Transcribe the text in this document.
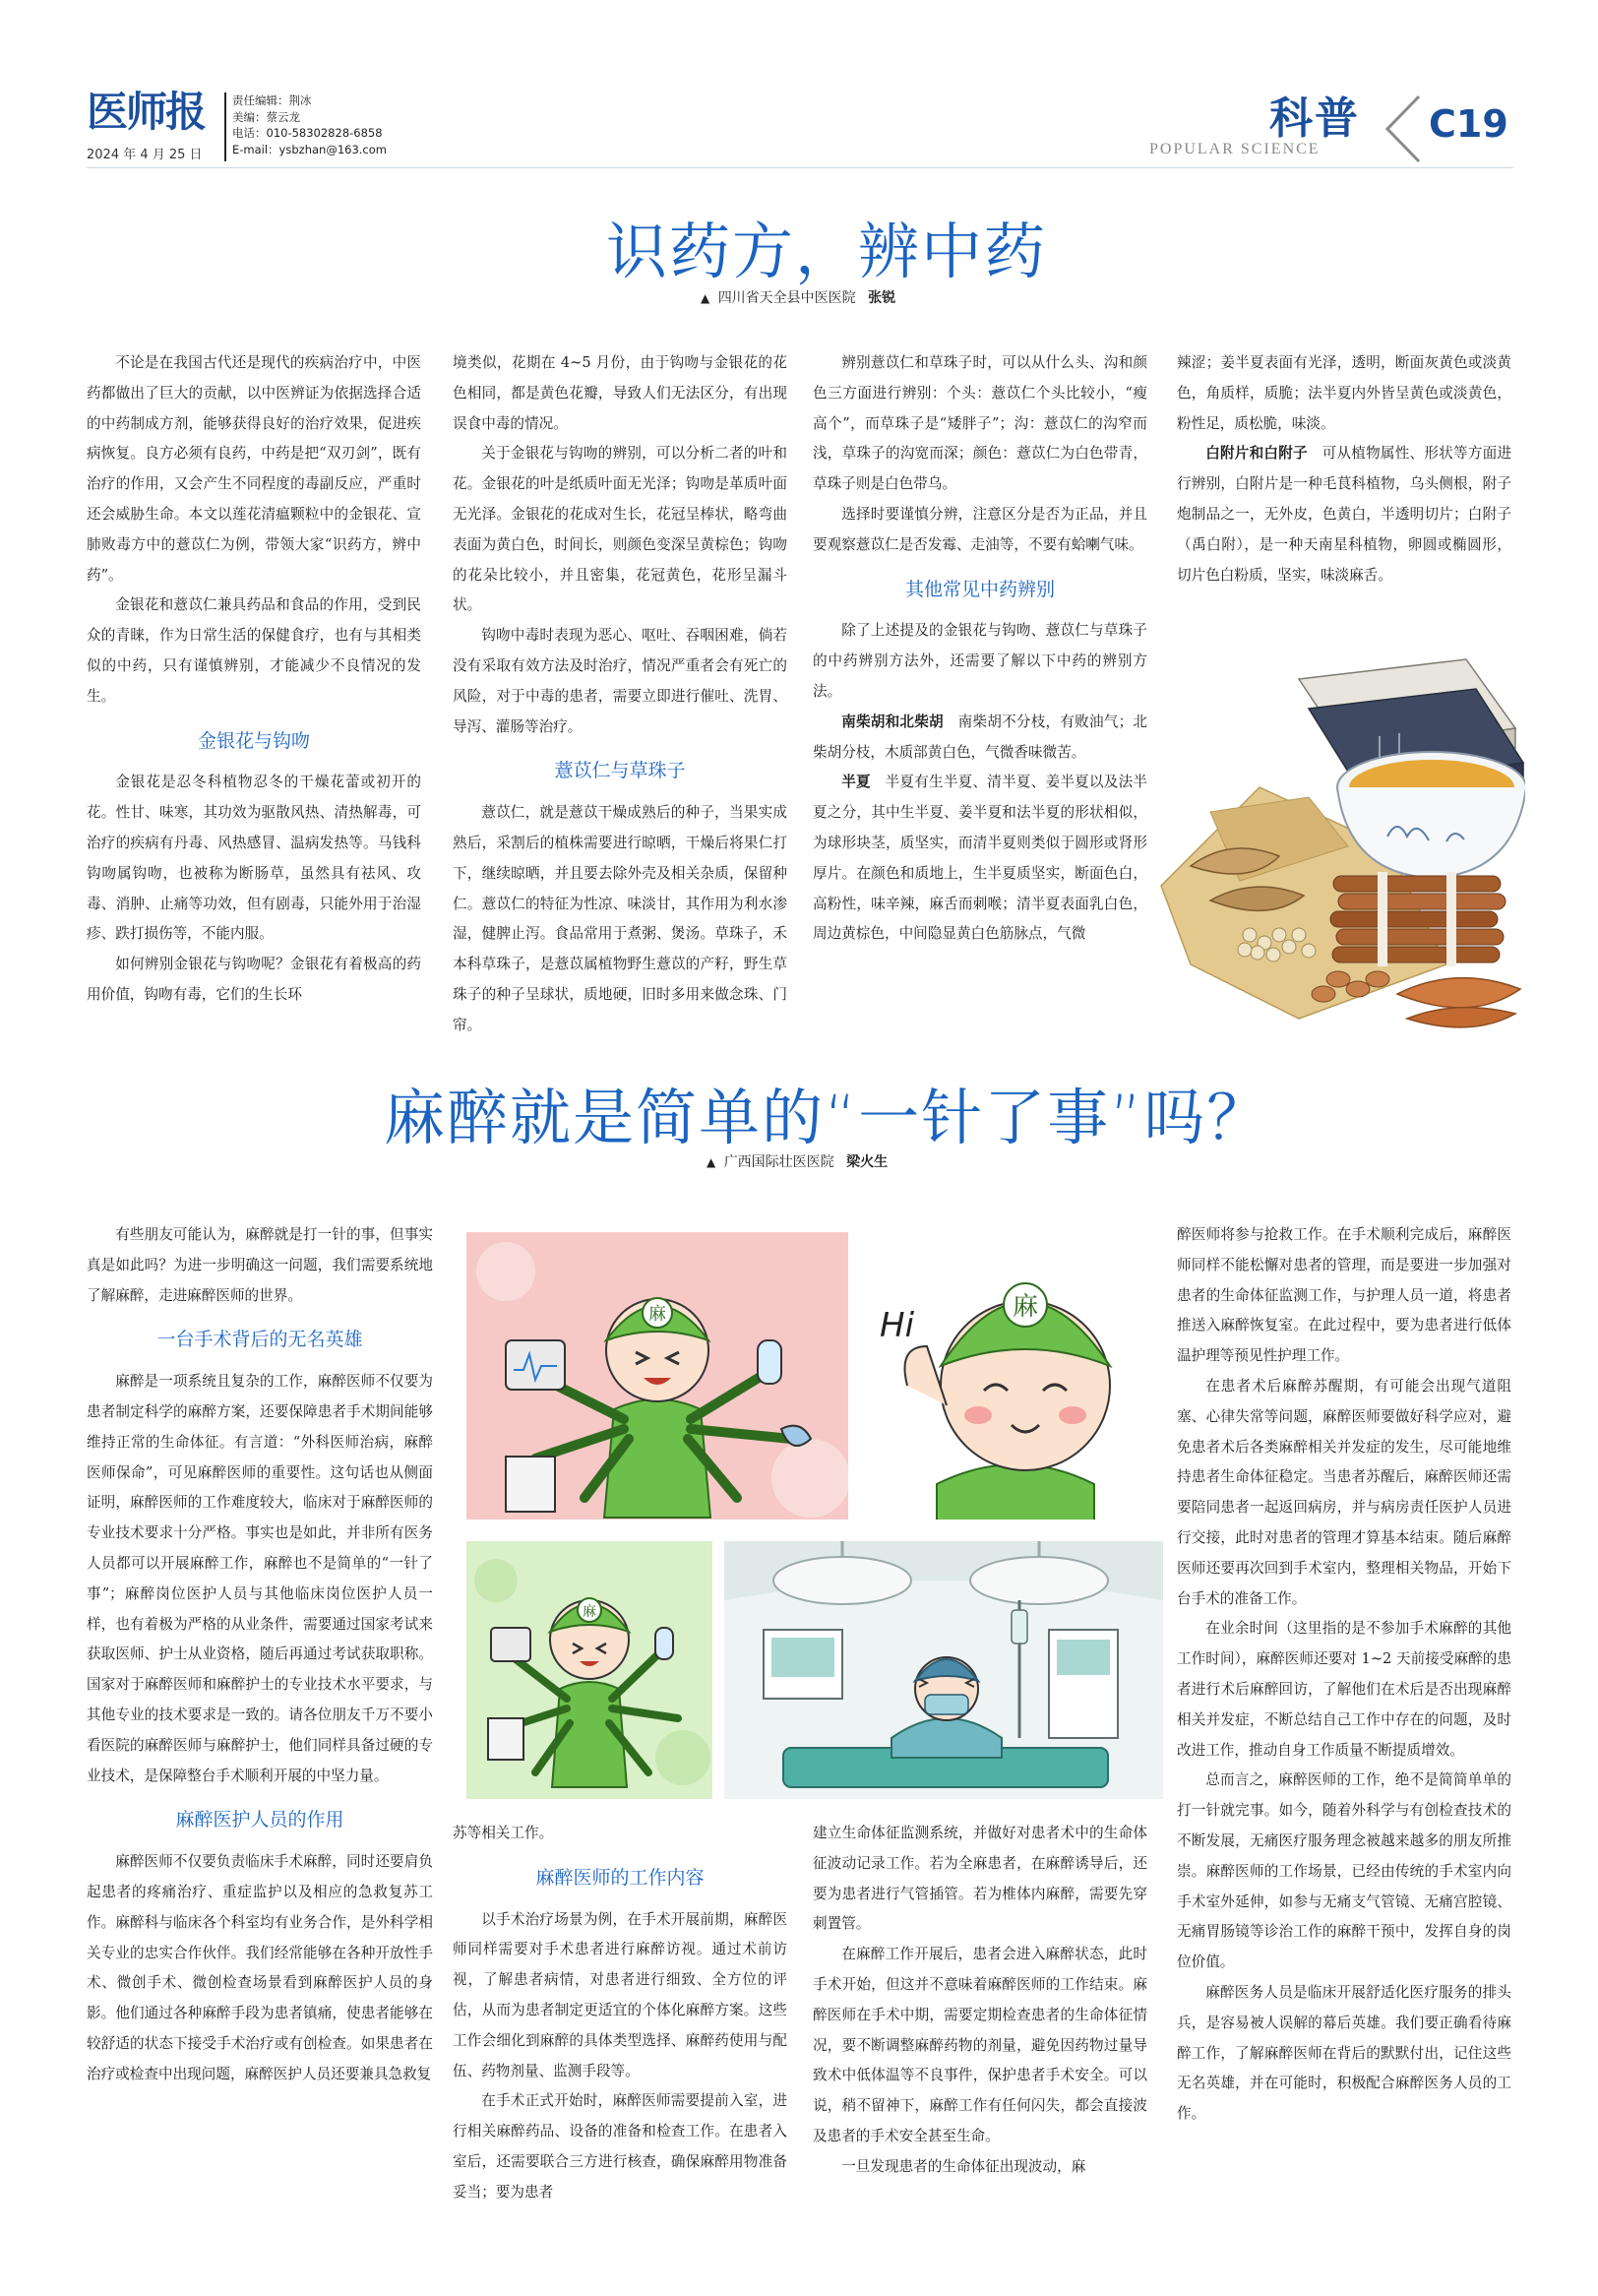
医师报
2024 年 4 月 25 日
责任编辑：荆冰
美编：蔡云龙
电话：010-58302828-6858
E-mail：ysbzhan@163.com
科普
POPULAR SCIENCE
C19
识药方，辨中药
▲ 四川省天全县中医医院 张锐

不论是在我国古代还是现代的疾病治疗中，中医药都做出了巨大的贡献，以中医辨证为依据选择合适的中药制成方剂，能够获得良好的治疗效果，促进疾病恢复。良方必须有良药，中药是把“双刃剑”，既有治疗的作用，又会产生不同程度的毒副反应，严重时还会威胁生命。本文以莲花清瘟颗粒中的金银花、宣肺败毒方中的薏苡仁为例，带领大家“识药方，辨中药”。

金银花和薏苡仁兼具药品和食品的作用，受到民众的青睐，作为日常生活的保健食疗，也有与其相类似的中药，只有谨慎辨别，才能减少不良情况的发生。

金银花与钩吻

金银花是忍冬科植物忍冬的干燥花蕾或初开的花。性甘、味寒，其功效为驱散风热、清热解毒，可治疗的疾病有丹毒、风热感冒、温病发热等。马钱科钩吻属钩吻，也被称为断肠草，虽然具有祛风、攻毒、消肿、止痛等功效，但有剧毒，只能外用于治湿疹、跌打损伤等，不能内服。

如何辨别金银花与钩吻呢？金银花有着极高的药用价值，钩吻有毒，它们的生长环

境类似，花期在 4~5 月份，由于钩吻与金银花的花色相同，都是黄色花瓣，导致人们无法区分，有出现误食中毒的情况。

关于金银花与钩吻的辨别，可以分析二者的叶和花。金银花的叶是纸质叶面无光泽；钩吻是革质叶面无光泽。金银花的花成对生长，花冠呈棒状，略弯曲表面为黄白色，时间长，则颜色变深呈黄棕色；钩吻的花朵比较小，并且密集，花冠黄色，花形呈漏斗状。

钩吻中毒时表现为恶心、呕吐、吞咽困难，倘若没有采取有效方法及时治疗，情况严重者会有死亡的风险，对于中毒的患者，需要立即进行催吐、洗胃、导泻、灌肠等治疗。

薏苡仁与草珠子

薏苡仁，就是薏苡干燥成熟后的种子，当果实成熟后，采割后的植株需要进行晾晒，干燥后将果仁打下，继续晾晒，并且要去除外壳及相关杂质，保留种仁。薏苡仁的特征为性凉、味淡甘，其作用为利水渗湿，健脾止泻。食品常用于煮粥、煲汤。草珠子，禾本科草珠子，是薏苡属植物野生薏苡的产籽，野生草珠子的种子呈球状，质地硬，旧时多用来做念珠、门帘。

辨别薏苡仁和草珠子时，可以从什么头、沟和颜色三方面进行辨别：个头：薏苡仁个头比较小，“瘦高个”，而草珠子是“矮胖子”；沟：薏苡仁的沟窄而浅，草珠子的沟宽而深；颜色：薏苡仁为白色带青，草珠子则是白色带乌。

选择时要谨慎分辨，注意区分是否为正品，并且要观察薏苡仁是否发霉、走油等，不要有蛤喇气味。

其他常见中药辨别

除了上述提及的金银花与钩吻、薏苡仁与草珠子的中药辨别方法外，还需要了解以下中药的辨别方法。

南柴胡和北柴胡　 南柴胡不分枝，有败油气；北柴胡分枝，木质部黄白色，气微香味微苦。

半夏　 半夏有生半夏、清半夏、姜半夏以及法半夏之分，其中生半夏、姜半夏和法半夏的形状相似，为球形块茎，质坚实，而清半夏则类似于圆形或肾形厚片。在颜色和质地上，生半夏质坚实，断面色白，高粉性，味辛辣，麻舌而刺喉；清半夏表面乳白色，周边黄棕色，中间隐显黄白色筋脉点，气微

辣涩；姜半夏表面有光泽，透明，断面灰黄色或淡黄色，角质样，质脆；法半夏内外皆呈黄色或淡黄色，粉性足，质松脆，味淡。

白附片和白附子　 可从植物属性、形状等方面进行辨别，白附片是一种毛茛科植物，乌头侧根，附子炮制品之一，无外皮，色黄白，半透明切片；白附子（禹白附），是一种天南星科植物，卵圆或椭圆形，切片色白粉质，坚实，味淡麻舌。

麻醉就是简单的“一针了事”吗？
▲ 广西国际壮医医院 梁火生

有些朋友可能认为，麻醉就是打一针的事，但事实真是如此吗？为进一步明确这一问题，我们需要系统地了解麻醉，走进麻醉医师的世界。

一台手术背后的无名英雄

麻醉是一项系统且复杂的工作，麻醉医师不仅要为患者制定科学的麻醉方案，还要保障患者手术期间能够维持正常的生命体征。有言道：“外科医师治病，麻醉医师保命”，可见麻醉医师的重要性。这句话也从侧面证明，麻醉医师的工作难度较大，临床对于麻醉医师的专业技术要求十分严格。事实也是如此，并非所有医务人员都可以开展麻醉工作，麻醉也不是简单的“一针了事”；麻醉岗位医护人员与其他临床岗位医护人员一样，也有着极为严格的从业条件，需要通过国家考试来获取医师、护士从业资格，随后再通过考试获取职称。国家对于麻醉医师和麻醉护士的专业技术水平要求，与其他专业的技术要求是一致的。请各位朋友千万不要小看医院的麻醉医师与麻醉护士，他们同样具备过硬的专业技术，是保障整台手术顺利开展的中坚力量。

麻醉医护人员的作用

麻醉医师不仅要负责临床手术麻醉，同时还要肩负起患者的疼痛治疗、重症监护以及相应的急救复苏工作。麻醉科与临床各个科室均有业务合作，是外科学相关专业的忠实合作伙伴。我们经常能够在各种开放性手术、微创手术、微创检查场景看到麻醉医护人员的身影。他们通过各种麻醉手段为患者镇痛，使患者能够在较舒适的状态下接受手术治疗或有创检查。如果患者在治疗或检查中出现问题，麻醉医护人员还要兼具急救复

苏等相关工作。

麻醉医师的工作内容

以手术治疗场景为例，在手术开展前期，麻醉医师同样需要对手术患者进行麻醉访视。通过术前访视，了解患者病情，对患者进行细致、全方位的评估，从而为患者制定更适宜的个体化麻醉方案。这些工作会细化到麻醉的具体类型选择、麻醉药使用与配伍、药物剂量、监测手段等。

在手术正式开始时，麻醉医师需要提前入室，进行相关麻醉药品、设备的准备和检查工作。在患者入室后，还需要联合三方进行核查，确保麻醉用物准备妥当；要为患者

建立生命体征监测系统，并做好对患者术中的生命体征波动记录工作。若为全麻患者，在麻醉诱导后，还要为患者进行气管插管。若为椎体内麻醉，需要先穿刺置管。

在麻醉工作开展后，患者会进入麻醉状态，此时手术开始，但这并不意味着麻醉医师的工作结束。麻醉医师在手术中期，需要定期检查患者的生命体征情况，要不断调整麻醉药物的剂量，避免因药物过量导致术中低体温等不良事件，保护患者手术安全。可以说，稍不留神下，麻醉工作有任何闪失，都会直接波及患者的手术安全甚至生命。

一旦发现患者的生命体征出现波动，麻

醉医师将参与抢救工作。在手术顺利完成后，麻醉医师同样不能松懈对患者的管理，而是要进一步加强对患者的生命体征监测工作，与护理人员一道，将患者推送入麻醉恢复室。在此过程中，要为患者进行低体温护理等预见性护理工作。

在患者术后麻醉苏醒期，有可能会出现气道阻塞、心律失常等问题，麻醉医师要做好科学应对，避免患者术后各类麻醉相关并发症的发生，尽可能地维持患者生命体征稳定。当患者苏醒后，麻醉医师还需要陪同患者一起返回病房，并与病房责任医护人员进行交接，此时对患者的管理才算基本结束。随后麻醉医师还要再次回到手术室内，整理相关物品，开始下台手术的准备工作。

在业余时间（这里指的是不参加手术麻醉的其他工作时间），麻醉医师还要对 1~2 天前接受麻醉的患者进行术后麻醉回访，了解他们在术后是否出现麻醉相关并发症，不断总结自己工作中存在的问题，及时改进工作，推动自身工作质量不断提质增效。

总而言之，麻醉医师的工作，绝不是简简单单的打一针就完事。如今，随着外科学与有创检查技术的不断发展，无痛医疗服务理念被越来越多的朋友所推崇。麻醉医师的工作场景，已经由传统的手术室内向手术室外延伸，如参与无痛支气管镜、无痛宫腔镜、无痛胃肠镜等诊治工作的麻醉干预中，发挥自身的岗位价值。

麻醉医务人员是临床开展舒适化医疗服务的排头兵，是容易被人误解的幕后英雄。我们要正确看待麻醉工作，了解麻醉医师在背后的默默付出，记住这些无名英雄，并在可能时，积极配合麻醉医务人员的工作。

麻	Hi	麻
麻
